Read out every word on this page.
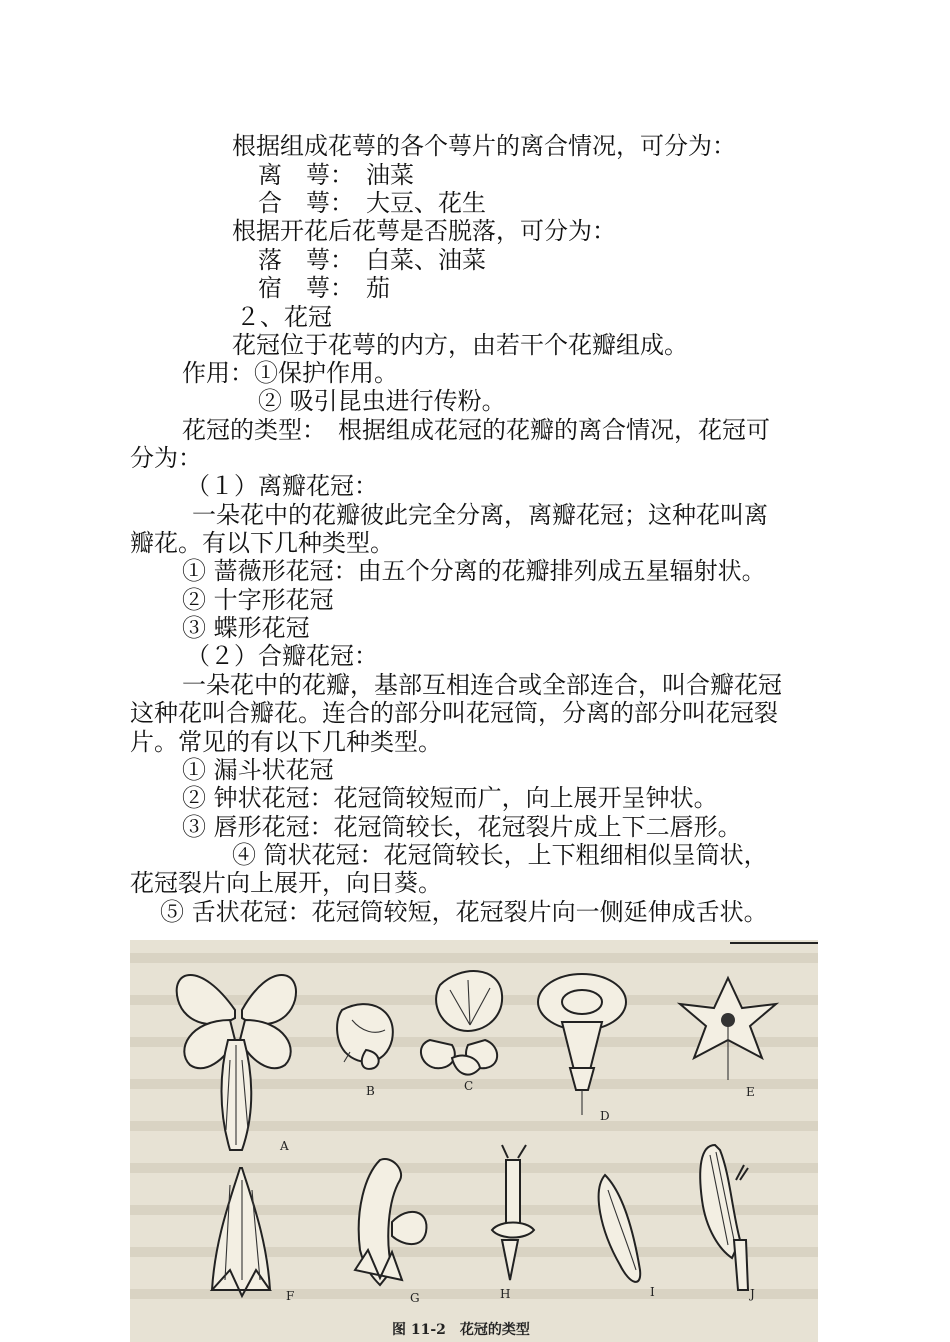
根据组成花萼的各个萼片的离合情况，可分为：
离　萼：　油菜
合　萼：　大豆、花生
根据开花后花萼是否脱落，可分为：
落　萼：　白菜、油菜
宿　萼：　茄
２、花冠
花冠位于花萼的内方，由若干个花瓣组成。
作用：①保护作用。
② 吸引昆虫进行传粉。
花冠的类型：　根据组成花冠的花瓣的离合情况，花冠可
分为：
（１）离瓣花冠：
一朵花中的花瓣彼此完全分离，离瓣花冠；这种花叫离
瓣花。有以下几种类型。
① 蔷薇形花冠：由五个分离的花瓣排列成五星辐射状。
② 十字形花冠
③ 蝶形花冠
（２）合瓣花冠：
一朵花中的花瓣，基部互相连合或全部连合，叫合瓣花冠
这种花叫合瓣花。连合的部分叫花冠筒，分离的部分叫花冠裂
片。常见的有以下几种类型。
① 漏斗状花冠
② 钟状花冠：花冠筒较短而广，向上展开呈钟状。
③ 唇形花冠：花冠筒较长，花冠裂片成上下二唇形。
④ 筒状花冠：花冠筒较长，上下粗细相似呈筒状，
花冠裂片向上展开，向日葵。
⑤ 舌状花冠：花冠筒较短，花冠裂片向一侧延伸成舌状。
A
B	C
D
E
F	G	H	I	J
图 11-2　花冠的类型
